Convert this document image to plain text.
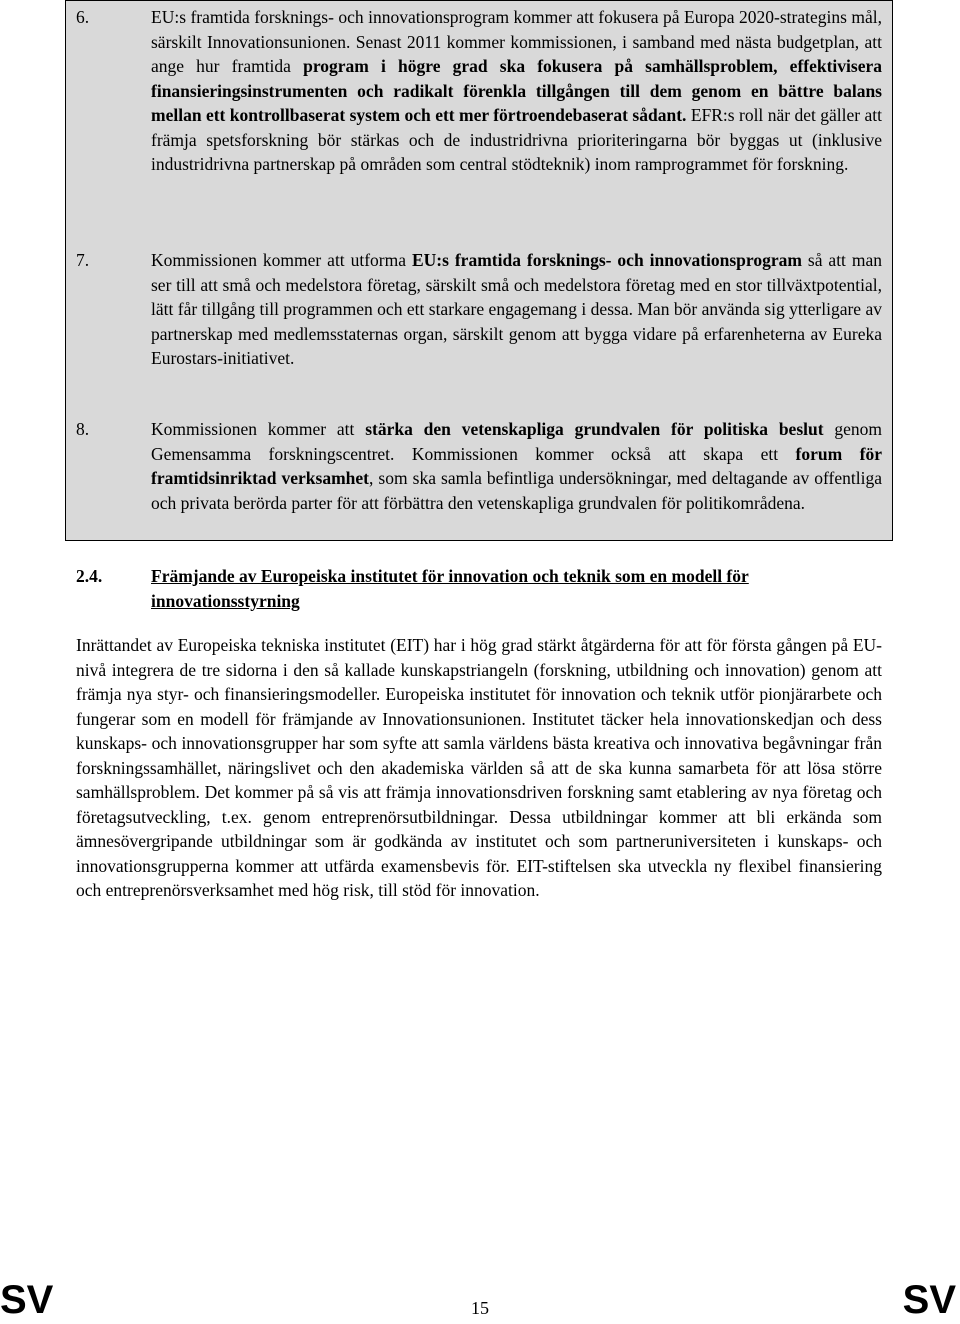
6.	EU:s framtida forsknings- och innovationsprogram kommer att fokusera på Europa 2020-strategins mål, särskilt Innovationsunionen. Senast 2011 kommer kommissionen, i samband med nästa budgetplan, att ange hur framtida program i högre grad ska fokusera på samhällsproblem, effektivisera finansieringsinstrumenten och radikalt förenkla tillgången till dem genom en bättre balans mellan ett kontrollbaserat system och ett mer förtroendebaserat sådant. EFR:s roll när det gäller att främja spetsforskning bör stärkas och de industridrivna prioriteringarna bör byggas ut (inklusive industridrivna partnerskap på områden som central stödteknik) inom ramprogrammet för forskning.
7.	Kommissionen kommer att utforma EU:s framtida forsknings- och innovationsprogram så att man ser till att små och medelstora företag, särskilt små och medelstora företag med en stor tillväxtpotential, lätt får tillgång till programmen och ett starkare engagemang i dessa. Man bör använda sig ytterligare av partnerskap med medlemsstaternas organ, särskilt genom att bygga vidare på erfarenheterna av Eureka Eurostars-initiativet.
8.	Kommissionen kommer att stärka den vetenskapliga grundvalen för politiska beslut genom Gemensamma forskningscentret. Kommissionen kommer också att skapa ett forum för framtidsinriktad verksamhet, som ska samla befintliga undersökningar, med deltagande av offentliga och privata berörda parter för att förbättra den vetenskapliga grundvalen för politikområdena.
2.4.	Främjande av Europeiska institutet för innovation och teknik som en modell för innovationsstyrning
Inrättandet av Europeiska tekniska institutet (EIT) har i hög grad stärkt åtgärderna för att för första gången på EU-nivå integrera de tre sidorna i den så kallade kunskapstriangeln (forskning, utbildning och innovation) genom att främja nya styr- och finansieringsmodeller. Europeiska institutet för innovation och teknik utför pionjärarbete och fungerar som en modell för främjande av Innovationsunionen. Institutet täcker hela innovationskedjan och dess kunskaps- och innovationsgrupper har som syfte att samla världens bästa kreativa och innovativa begåvningar från forskningssamhället, näringslivet och den akademiska världen så att de ska kunna samarbeta för att lösa större samhällsproblem. Det kommer på så vis att främja innovationsdriven forskning samt etablering av nya företag och företagsutveckling, t.ex. genom entreprenörsutbildningar. Dessa utbildningar kommer att bli erkända som ämnesövergripande utbildningar som är godkända av institutet och som partneruniversiteten i kunskaps- och innovationsgrupperna kommer att utfärda examensbevis för. EIT-stiftelsen ska utveckla ny flexibel finansiering och entreprenörsverksamhet med hög risk, till stöd för innovation.
SV	15	SV
